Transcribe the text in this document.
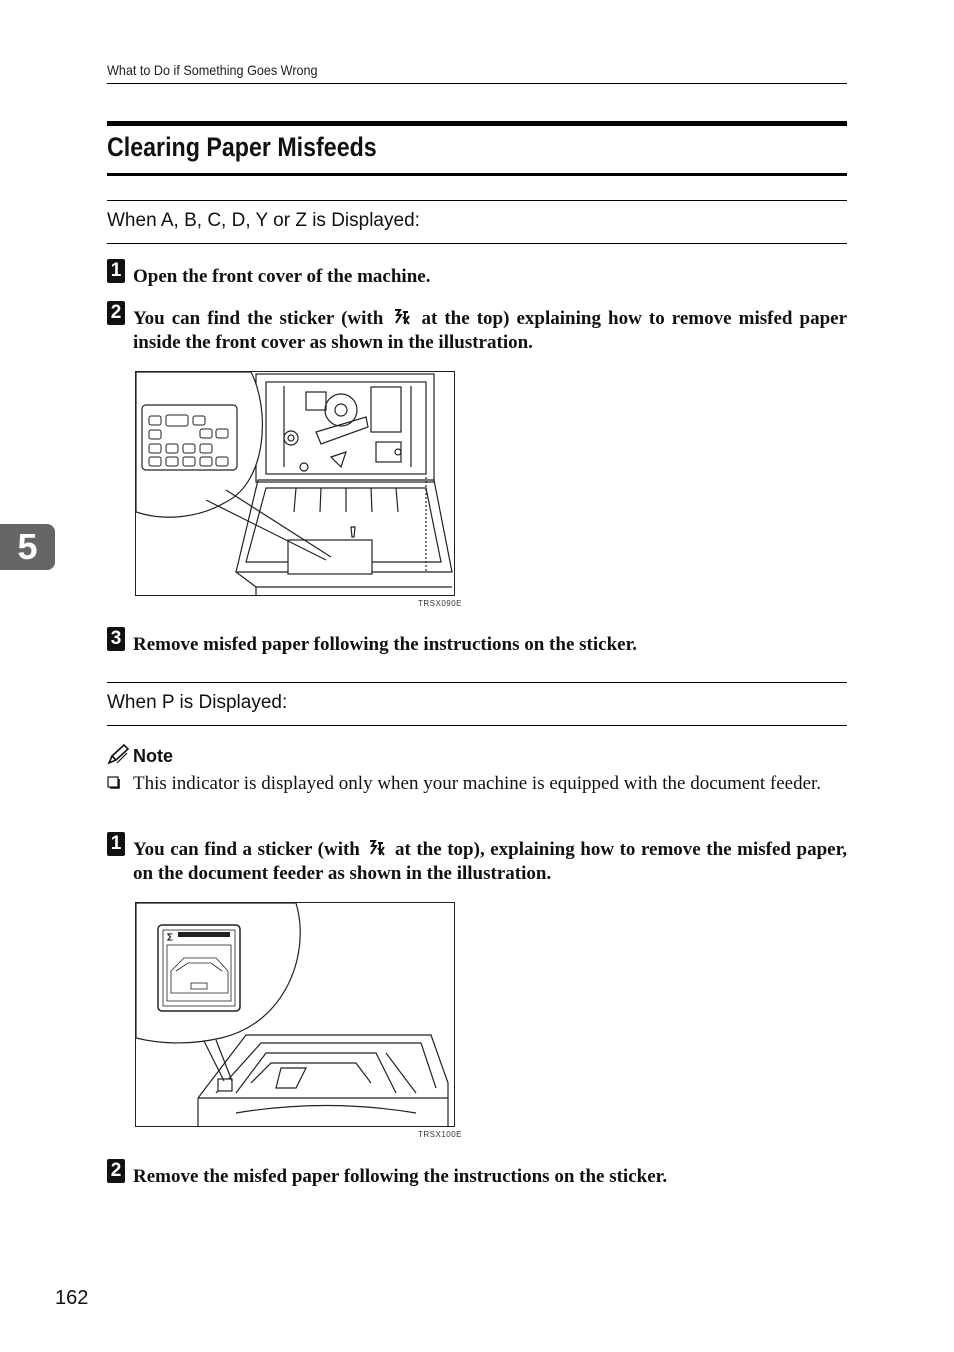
What to Do if Something Goes Wrong
Clearing Paper Misfeeds
When A, B, C, D, Y or Z is Displayed:
1 Open the front cover of the machine.
2 You can find the sticker (with at the top) explaining how to remove misfed paper inside the front cover as shown in the illustration.
TRSX090E
3 Remove misfed paper following the instructions on the sticker.
When P is Displayed:
Note
This indicator is displayed only when your machine is equipped with the document feeder.
1 You can find a sticker (with at the top), explaining how to remove the misfed paper, on the document feeder as shown in the illustration.
∑
TRSX100E
2 Remove the misfed paper following the instructions on the sticker.
5
162
